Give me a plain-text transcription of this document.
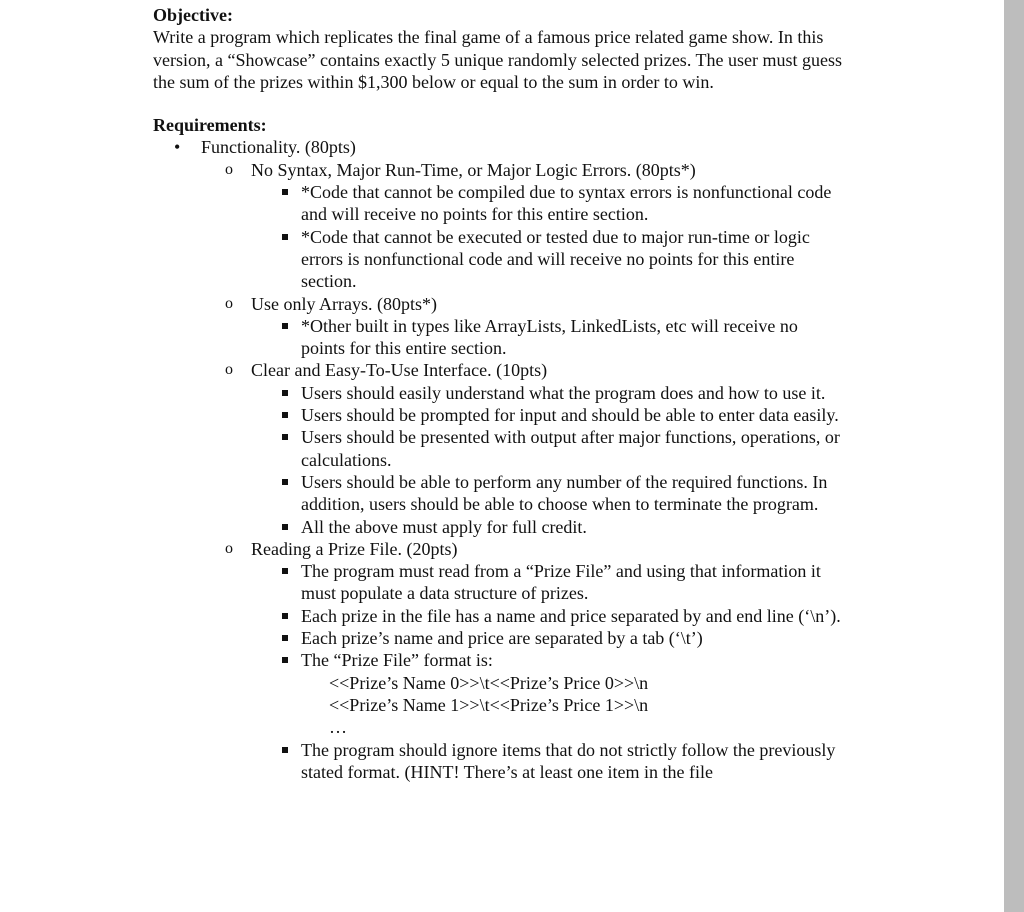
Objective:

Write a program which replicates the final game of a famous price related game show. In this version, a “Showcase” contains exactly 5 unique randomly selected prizes. The user must guess the sum of the prizes within $1,300 below or equal to the sum in order to win.

Requirements:

• Functionality. (80pts)
o No Syntax, Major Run-Time, or Major Logic Errors. (80pts*)
*Code that cannot be compiled due to syntax errors is nonfunctional code and will receive no points for this entire section.
*Code that cannot be executed or tested due to major run-time or logic errors is nonfunctional code and will receive no points for this entire section.
o Use only Arrays. (80pts*)
*Other built in types like ArrayLists, LinkedLists, etc will receive no points for this entire section.
o Clear and Easy-To-Use Interface. (10pts)
Users should easily understand what the program does and how to use it.
Users should be prompted for input and should be able to enter data easily.
Users should be presented with output after major functions, operations, or calculations.
Users should be able to perform any number of the required functions. In addition, users should be able to choose when to terminate the program.
All the above must apply for full credit.
o Reading a Prize File. (20pts)
The program must read from a “Prize File” and using that information it must populate a data structure of prizes.
Each prize in the file has a name and price separated by and end line (‘\n’).
Each prize’s name and price are separated by a tab (‘\t’)
The “Prize File” format is:
<<Prize’s Name 0>>\t<<Prize’s Price 0>>\n
<<Prize’s Name 1>>\t<<Prize’s Price 1>>\n
…
The program should ignore items that do not strictly follow the previously stated format. (HINT! There’s at least one item in the file
